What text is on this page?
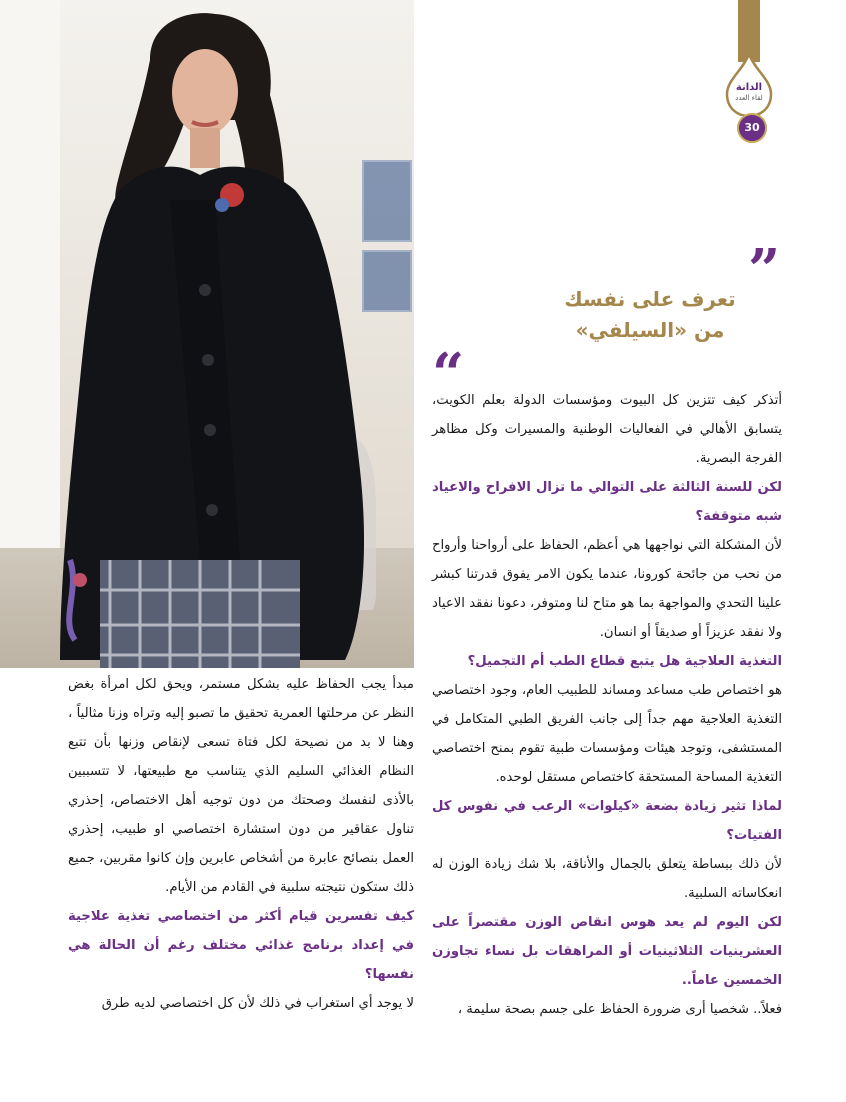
الدانة
لقاء العدد
30
”
تعرف على نفسك
من «السيلفي»
“

أتذكر كيف تتزين كل البيوت ومؤسسات الدولة بعلم الكويت، يتسابق الأهالي في الفعاليات الوطنية والمسيرات وكل مظاهر الفرجة البصرية.

لكن للسنة الثالثة على التوالي ما تزال الافراح والاعياد شبه متوقفة؟

لأن المشكلة التي نواجهها هي أعظم، الحفاظ على أرواحنا وأرواح من نحب من جائحة كورونا، عندما يكون الامر يفوق قدرتنا كبشر علينا التحدي والمواجهة بما هو متاح لنا ومتوفر، دعونا نفقد الاعياد ولا نفقد عزيزاً أو صديقاً أو انسان.

التغذية العلاجية هل يتبع قطاع الطب أم التجميل؟

هو اختصاص طب مساعد ومساند للطبيب العام، وجود اختصاصي التغذية العلاجية مهم جداً إلى جانب الفريق الطبي المتكامل في المستشفى، وتوجد هيئات ومؤسسات طبية تقوم بمنح اختصاصي التغذية المساحة المستحقة كاختصاص مستقل لوحده.

لماذا تثير زيادة بضعة «كيلوات» الرعب في نفوس كل الفتيات؟

لأن ذلك ببساطة يتعلق بالجمال والأناقة، بلا شك زيادة الوزن له انعكاساته السلبية.

لكن اليوم لم يعد هوس انقاص الوزن مقتصراً على العشرينيات الثلاثينيات أو المراهقات بل نساء تجاوزن الخمسين عاماً..

فعلاً.. شخصيا أرى ضرورة الحفاظ على جسم بصحة سليمة ،

مبدأ يجب الحفاظ عليه بشكل مستمر، ويحق لكل امرأة بغض النظر عن مرحلتها العمرية تحقيق ما تصبو إليه وتراه وزنا مثالياً ، وهنا لا بد من نصيحة لكل فتاة تسعى لإنقاص وزنها بأن تتبع النظام الغذائي السليم الذي يتناسب مع طبيعتها، لا تتسببين بالأذى لنفسك وصحتك من دون توجيه أهل الاختصاص، إحذري تناول عقاقير من دون استشارة اختصاصي او طبيب، إحذري العمل بنصائح عابرة من أشخاص عابرين وإن كانوا مقربين، جميع ذلك ستكون نتيجته سلبية في القادم من الأيام.

كيف تفسرين قيام أكثر من اختصاصي تغذية علاجية في إعداد برنامج غذائي مختلف رغم أن الحالة هي نفسها؟

لا يوجد أي استغراب في ذلك لأن كل اختصاصي لديه طرق
